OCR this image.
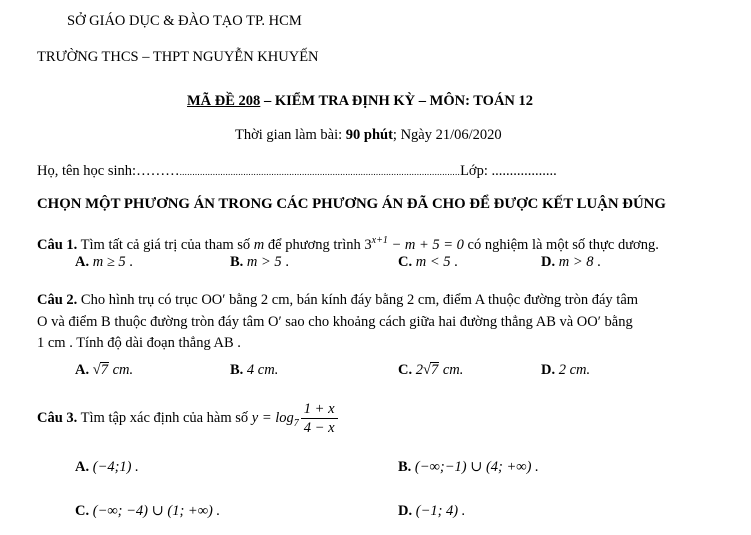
SỞ GIÁO DỤC & ĐÀO TẠO TP. HCM
TRƯỜNG THCS – THPT NGUYỄN KHUYẾN
MÃ ĐỀ 208 – KIỂM TRA ĐỊNH KỲ – MÔN: TOÁN 12
Thời gian làm bài: 90 phút; Ngày 21/06/2020
Họ, tên học sinh:………..............................................................................................................Lớp: ..................
CHỌN MỘT PHƯƠNG ÁN TRONG CÁC PHƯƠNG ÁN ĐÃ CHO ĐỂ ĐƯỢC KẾT LUẬN ĐÚNG
Câu 1. Tìm tất cả giá trị của tham số m để phương trình $3^{x+1} - m + 5 = 0$ có nghiệm là một số thực dương.
A. m ≥ 5 .	B. m > 5 .	C. m < 5 .	D. m > 8 .
Câu 2. Cho hình trụ có trục OO′ bằng 2 cm, bán kính đáy bằng 2 cm, điểm A thuộc đường tròn đáy tâm
O và điểm B thuộc đường tròn đáy tâm O′ sao cho khoảng cách giữa hai đường thẳng AB và OO′ bằng
1 cm . Tính độ dài đoạn thẳng AB .
A. √7 cm.	B. 4 cm.	C. 2√7 cm.	D. 2 cm.
Câu 3. Tìm tập xác định của hàm số $y = \log_7 \frac{1 + x}{4 - x}$
A. (−4;1) .	B. (−∞;−1) ∪ (4; +∞) .
C. (−∞; −4) ∪ (1; +∞) .	D. (−1; 4) .
